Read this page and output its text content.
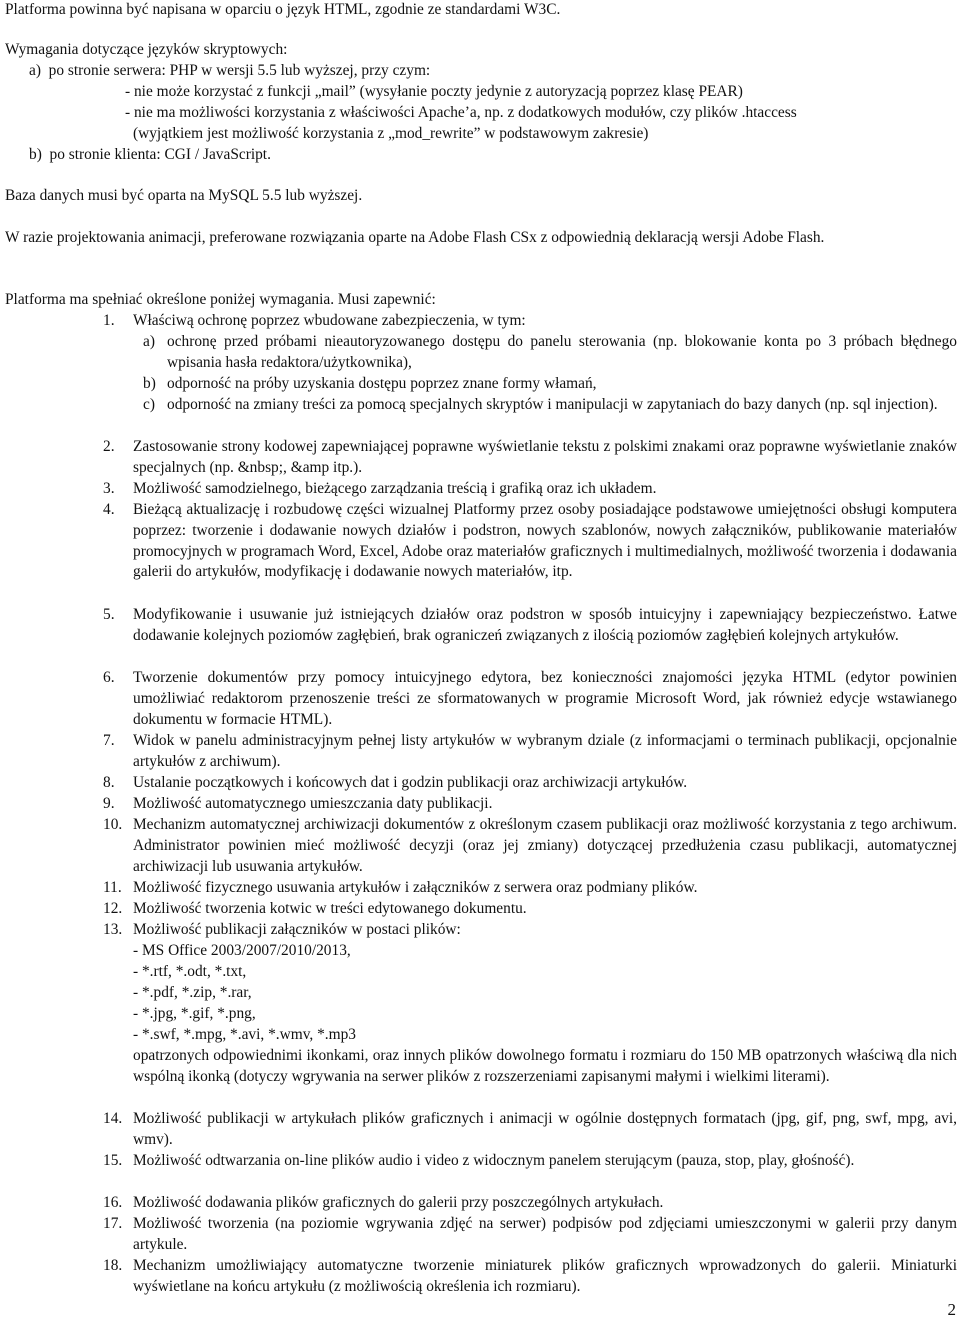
Platforma powinna być napisana w oparciu o język HTML, zgodnie ze standardami W3C.

Wymagania dotyczące języków skryptowych:

a)  po stronie serwera: PHP w wersji 5.5 lub wyższej, przy czym:

- nie może korzystać z funkcji „mail” (wysyłanie poczty jedynie z autoryzacją poprzez klasę PEAR)

- nie ma możliwości korzystania z właściwości Apache’a, np. z dodatkowych modułów, czy plików .htaccess

(wyjątkiem jest możliwość korzystania z „mod_rewrite” w podstawowym zakresie)

b)  po stronie klienta: CGI / JavaScript.

Baza danych musi być oparta na MySQL 5.5 lub wyższej.

W razie projektowania animacji, preferowane rozwiązania oparte na Adobe Flash CSx z odpowiednią deklaracją wersji Adobe Flash.

Platforma ma spełniać określone poniżej wymagania. Musi zapewnić:

1.	Właściwą ochronę poprzez wbudowane zabezpieczenia, w tym:

a) ochronę przed próbami nieautoryzowanego dostępu do panelu sterowania (np. blokowanie konta po 3 próbach błędnego wpisania hasła redaktora/użytkownika),

b) odporność na próby uzyskania dostępu poprzez znane formy włamań,

c) odporność na zmiany treści za pomocą specjalnych skryptów i manipulacji w zapytaniach do bazy danych (np. sql injection).

2.	Zastosowanie strony kodowej zapewniającej poprawne wyświetlanie tekstu z polskimi znakami oraz poprawne wyświetlanie znaków specjalnych (np. &nbsp;, &amp itp.).

3.	Możliwość samodzielnego, bieżącego zarządzania treścią i grafiką oraz ich układem.

4.	Bieżącą aktualizację i rozbudowę części wizualnej Platformy przez osoby posiadające podstawowe umiejętności obsługi komputera poprzez: tworzenie i dodawanie nowych działów i podstron, nowych szablonów, nowych załączników, publikowanie materiałów promocyjnych w programach Word, Excel, Adobe oraz materiałów graficznych i multimedialnych, możliwość tworzenia i dodawania galerii do artykułów, modyfikację i dodawanie nowych materiałów, itp.

5.	Modyfikowanie i usuwanie już istniejących działów oraz podstron w sposób intuicyjny i zapewniający bezpieczeństwo. Łatwe dodawanie kolejnych poziomów zagłębień, brak ograniczeń związanych z ilością poziomów zagłębień kolejnych artykułów.

6.	Tworzenie dokumentów przy pomocy intuicyjnego edytora, bez konieczności znajomości języka HTML (edytor powinien umożliwiać redaktorom przenoszenie treści ze sformatowanych w programie Microsoft Word, jak również edycje wstawianego dokumentu w formacie HTML).

7.	Widok w panelu administracyjnym pełnej listy artykułów w wybranym dziale (z informacjami o terminach publikacji, opcjonalnie artykułów z archiwum).

8.	Ustalanie początkowych i końcowych dat i godzin publikacji oraz archiwizacji artykułów.

9.	Możliwość automatycznego umieszczania daty publikacji.

10. Mechanizm automatycznej archiwizacji dokumentów z określonym czasem publikacji oraz możliwość korzystania z tego archiwum. Administrator powinien mieć możliwość decyzji (oraz jej zmiany) dotyczącej przedłużenia czasu publikacji, automatycznej archiwizacji lub usuwania artykułów.

11. Możliwość fizycznego usuwania artykułów i załączników z serwera oraz podmiany plików.

12. Możliwość tworzenia kotwic w treści edytowanego dokumentu.

13. Możliwość publikacji załączników w postaci plików:

- MS Office 2003/2007/2010/2013,

- *.rtf, *.odt, *.txt,

- *.pdf, *.zip, *.rar,

- *.jpg, *.gif, *.png,

- *.swf, *.mpg, *.avi, *.wmv, *.mp3

opatrzonych odpowiednimi ikonkami, oraz innych plików dowolnego formatu i rozmiaru do 150 MB opatrzonych właściwą dla nich wspólną ikonką (dotyczy wgrywania na serwer plików z rozszerzeniami zapisanymi małymi i wielkimi literami).

14. Możliwość publikacji w artykułach plików graficznych i animacji w ogólnie dostępnych formatach (jpg, gif, png, swf, mpg, avi, wmv).

15. Możliwość odtwarzania on-line plików audio i video z widocznym panelem sterującym (pauza, stop, play, głośność).

16. Możliwość dodawania plików graficznych do galerii przy poszczególnych artykułach.

17. Możliwość tworzenia (na poziomie wgrywania zdjęć na serwer) podpisów pod zdjęciami umieszczonymi w galerii przy danym artykule.

18. Mechanizm umożliwiający automatyczne tworzenie miniaturek plików graficznych wprowadzonych do galerii. Miniaturki wyświetlane na końcu artykułu (z możliwością określenia ich rozmiaru).

2
